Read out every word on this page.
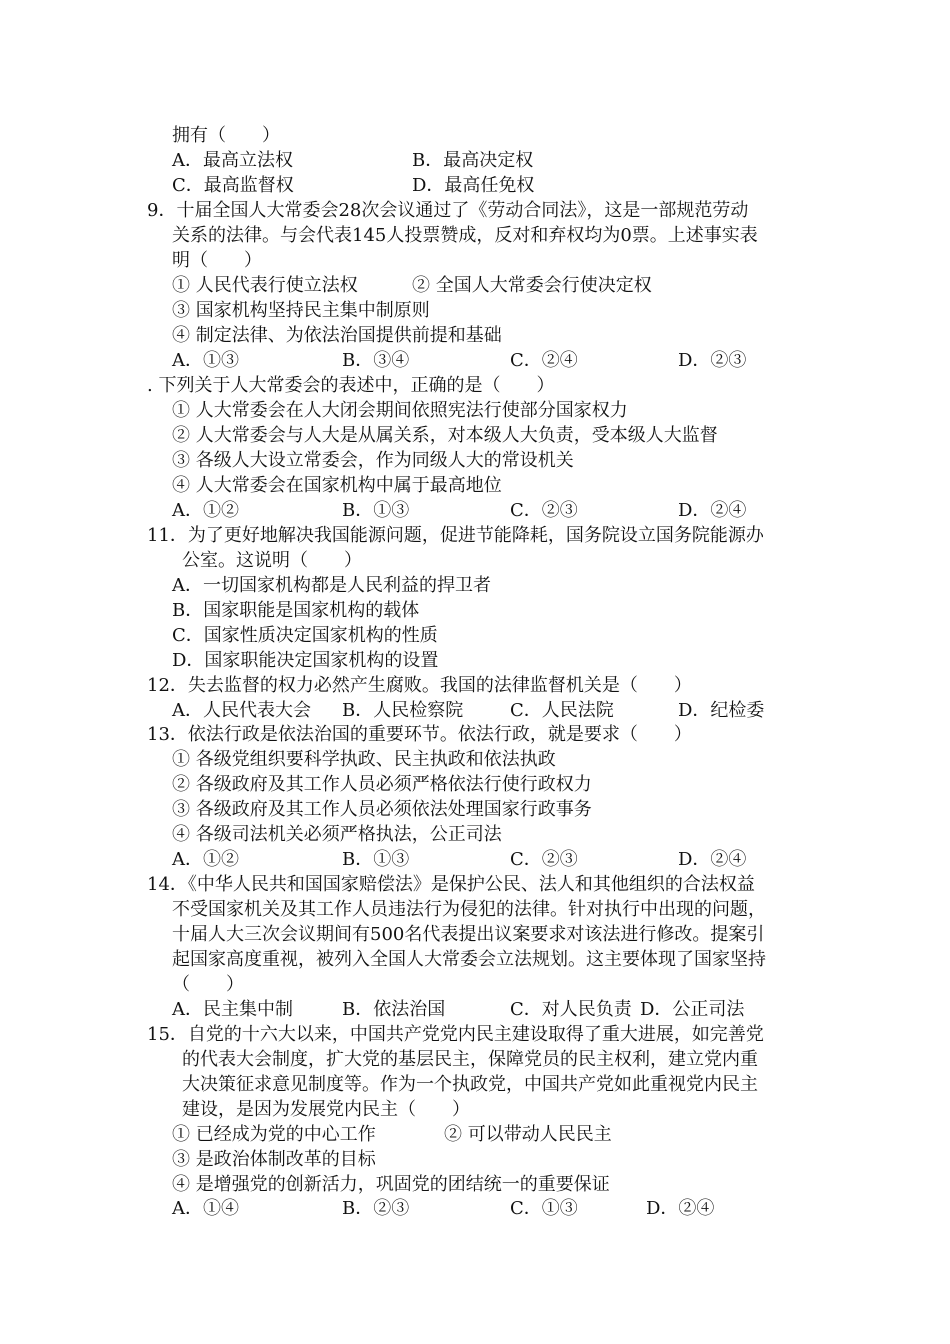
拥有（　　）
A．最高立法权	B．最高决定权
C．最高监督权	D．最高任免权
9．十届全国人大常委会28次会议通过了《劳动合同法》，这是一部规范劳动
关系的法律。与会代表145人投票赞成，反对和弃权均为0票。上述事实表
明（　　）
① 人民代表行使立法权	② 全国人大常委会行使决定权
③ 国家机构坚持民主集中制原则
④ 制定法律、为依法治国提供前提和基础
A．①③	B．③④	C．②④	D．②③
. 下列关于人大常委会的表述中，正确的是（　　）
① 人大常委会在人大闭会期间依照宪法行使部分国家权力
② 人大常委会与人大是从属关系，对本级人大负责，受本级人大监督
③ 各级人大设立常委会，作为同级人大的常设机关
④ 人大常委会在国家机构中属于最高地位
A．①②	B．①③	C．②③	D．②④
11．为了更好地解决我国能源问题，促进节能降耗，国务院设立国务院能源办
公室。这说明（　　）
A．一切国家机构都是人民利益的捍卫者
B．国家职能是国家机构的载体
C．国家性质决定国家机构的性质
D．国家职能决定国家机构的设置
12．失去监督的权力必然产生腐败。我国的法律监督机关是（　　）
A．人民代表大会 B．人民检察院	C．人民法院	D．纪检委
13．依法行政是依法治国的重要环节。依法行政，就是要求（　　）
① 各级党组织要科学执政、民主执政和依法执政
② 各级政府及其工作人员必须严格依法行使行政权力
③ 各级政府及其工作人员必须依法处理国家行政事务
④ 各级司法机关必须严格执法，公正司法
A．①②	B．①③	C．②③	D．②④
14．《中华人民共和国国家赔偿法》是保护公民、法人和其他组织的合法权益
不受国家机关及其工作人员违法行为侵犯的法律。针对执行中出现的问题，
十届人大三次会议期间有500名代表提出议案要求对该法进行修改。提案引
起国家高度重视，被列入全国人大常委会立法规划。这主要体现了国家坚持
（　　）
A．民主集中制	B．依法治国	C．对人民负责 D．公正司法
15．自党的十六大以来，中国共产党党内民主建设取得了重大进展，如完善党
的代表大会制度，扩大党的基层民主，保障党员的民主权利，建立党内重
大决策征求意见制度等。作为一个执政党，中国共产党如此重视党内民主
建设，是因为发展党内民主（　　）
① 已经成为党的中心工作	② 可以带动人民民主
③ 是政治体制改革的目标
④ 是增强党的创新活力，巩固党的团结统一的重要保证
A．①④	B．②③	C．①③	D．②④
